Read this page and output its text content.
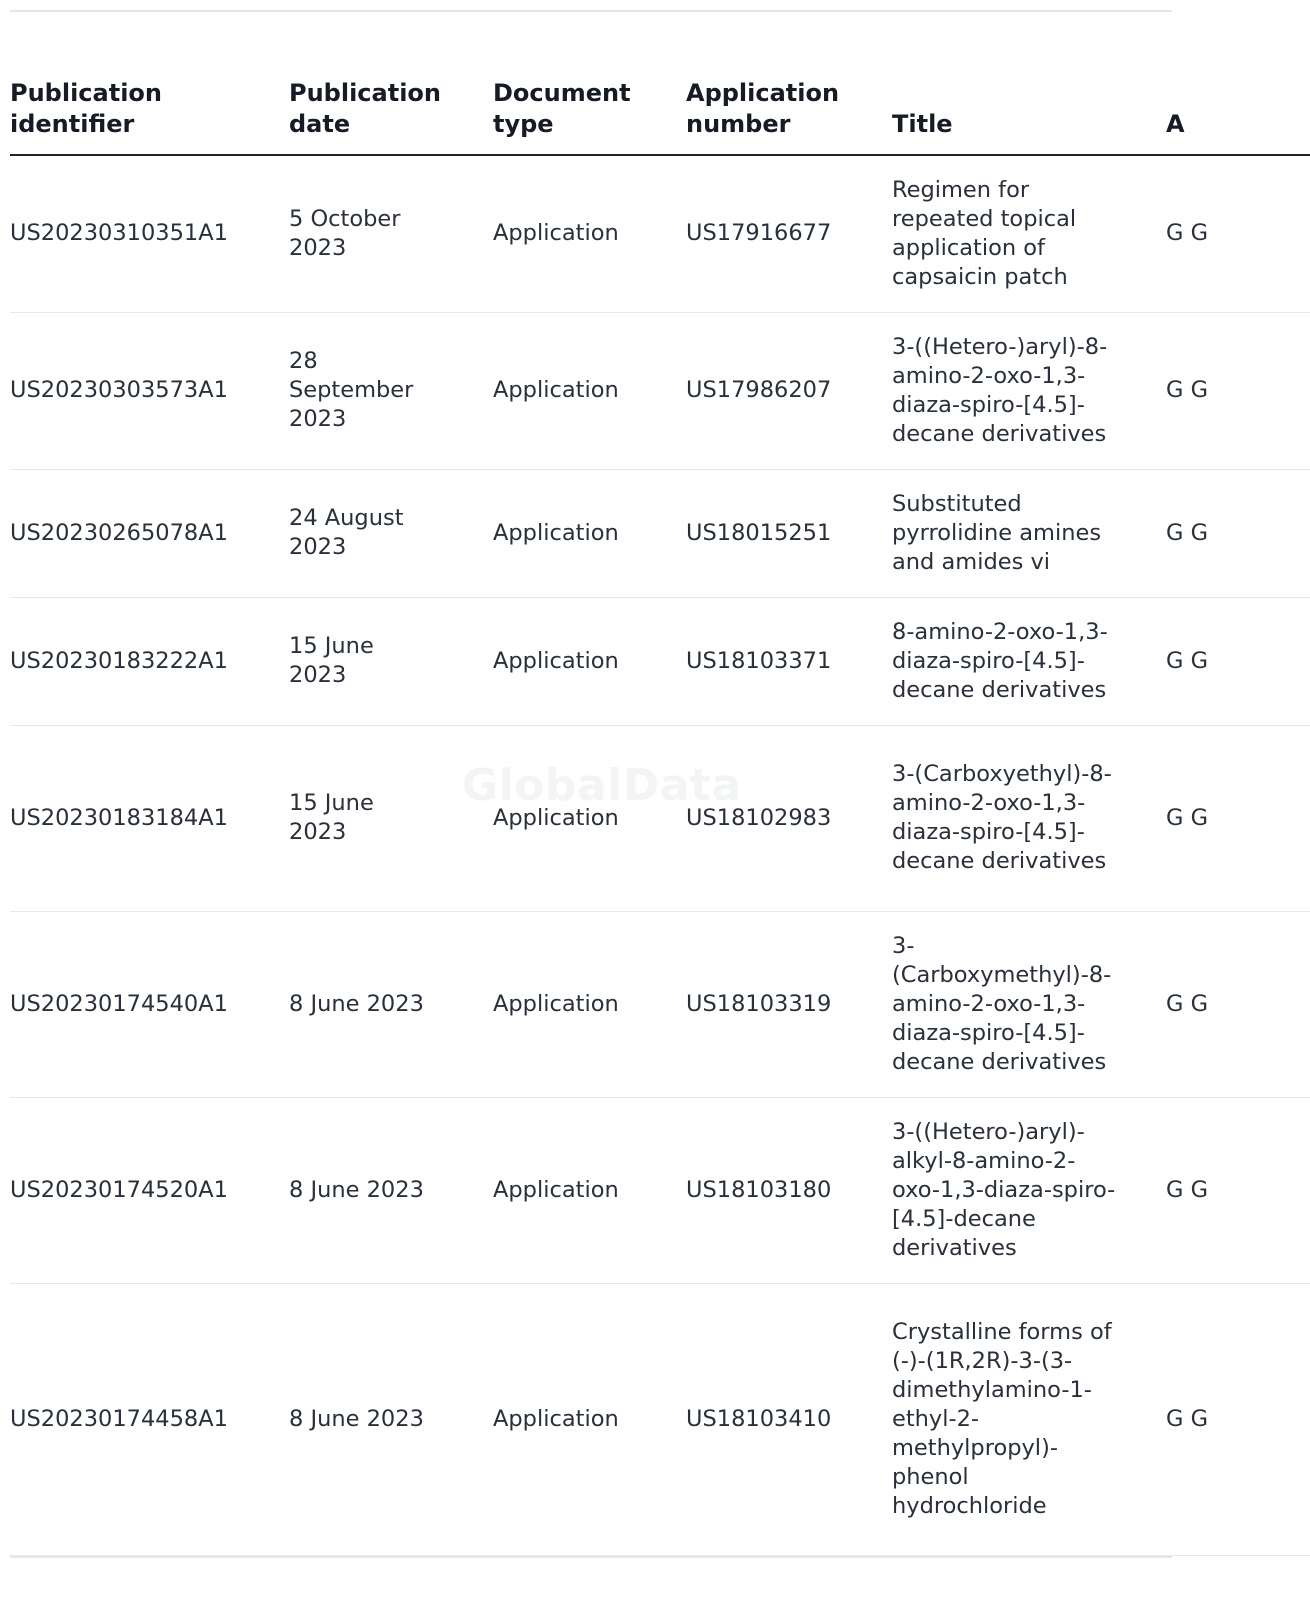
Publication identifier	Publication date	Document type	Application number	Title	A
US20230310351A1	5 October 2023	Application	US17916677	Regimen for repeated topical application of capsaicin patch	G G
US20230303573A1	28 September 2023	Application	US17986207	3-((Hetero-)aryl)-8-amino-2-oxo-1,3-diaza-spiro-[4.5]-decane derivatives	G G
US20230265078A1	24 August 2023	Application	US18015251	Substituted pyrrolidine amines and amides vi	G G
US20230183222A1	15 June 2023	Application	US18103371	8-amino-2-oxo-1,3-diaza-spiro-[4.5]-decane derivatives	G G
US20230183184A1	15 June 2023	Application	US18102983	3-(Carboxyethyl)-8-amino-2-oxo-1,3-diaza-spiro-[4.5]-decane derivatives	G G
US20230174540A1	8 June 2023	Application	US18103319	3-(Carboxymethyl)-8-amino-2-oxo-1,3-diaza-spiro-[4.5]-decane derivatives	G G
US20230174520A1	8 June 2023	Application	US18103180	3-((Hetero-)aryl)-alkyl-8-amino-2-oxo-1,3-diaza-spiro-[4.5]-decane derivatives	G G
US20230174458A1	8 June 2023	Application	US18103410	Crystalline forms of (-)-(1R,2R)-3-(3-dimethylamino-1-ethyl-2-methylpropyl)-phenol hydrochloride	G G
GlobalData
